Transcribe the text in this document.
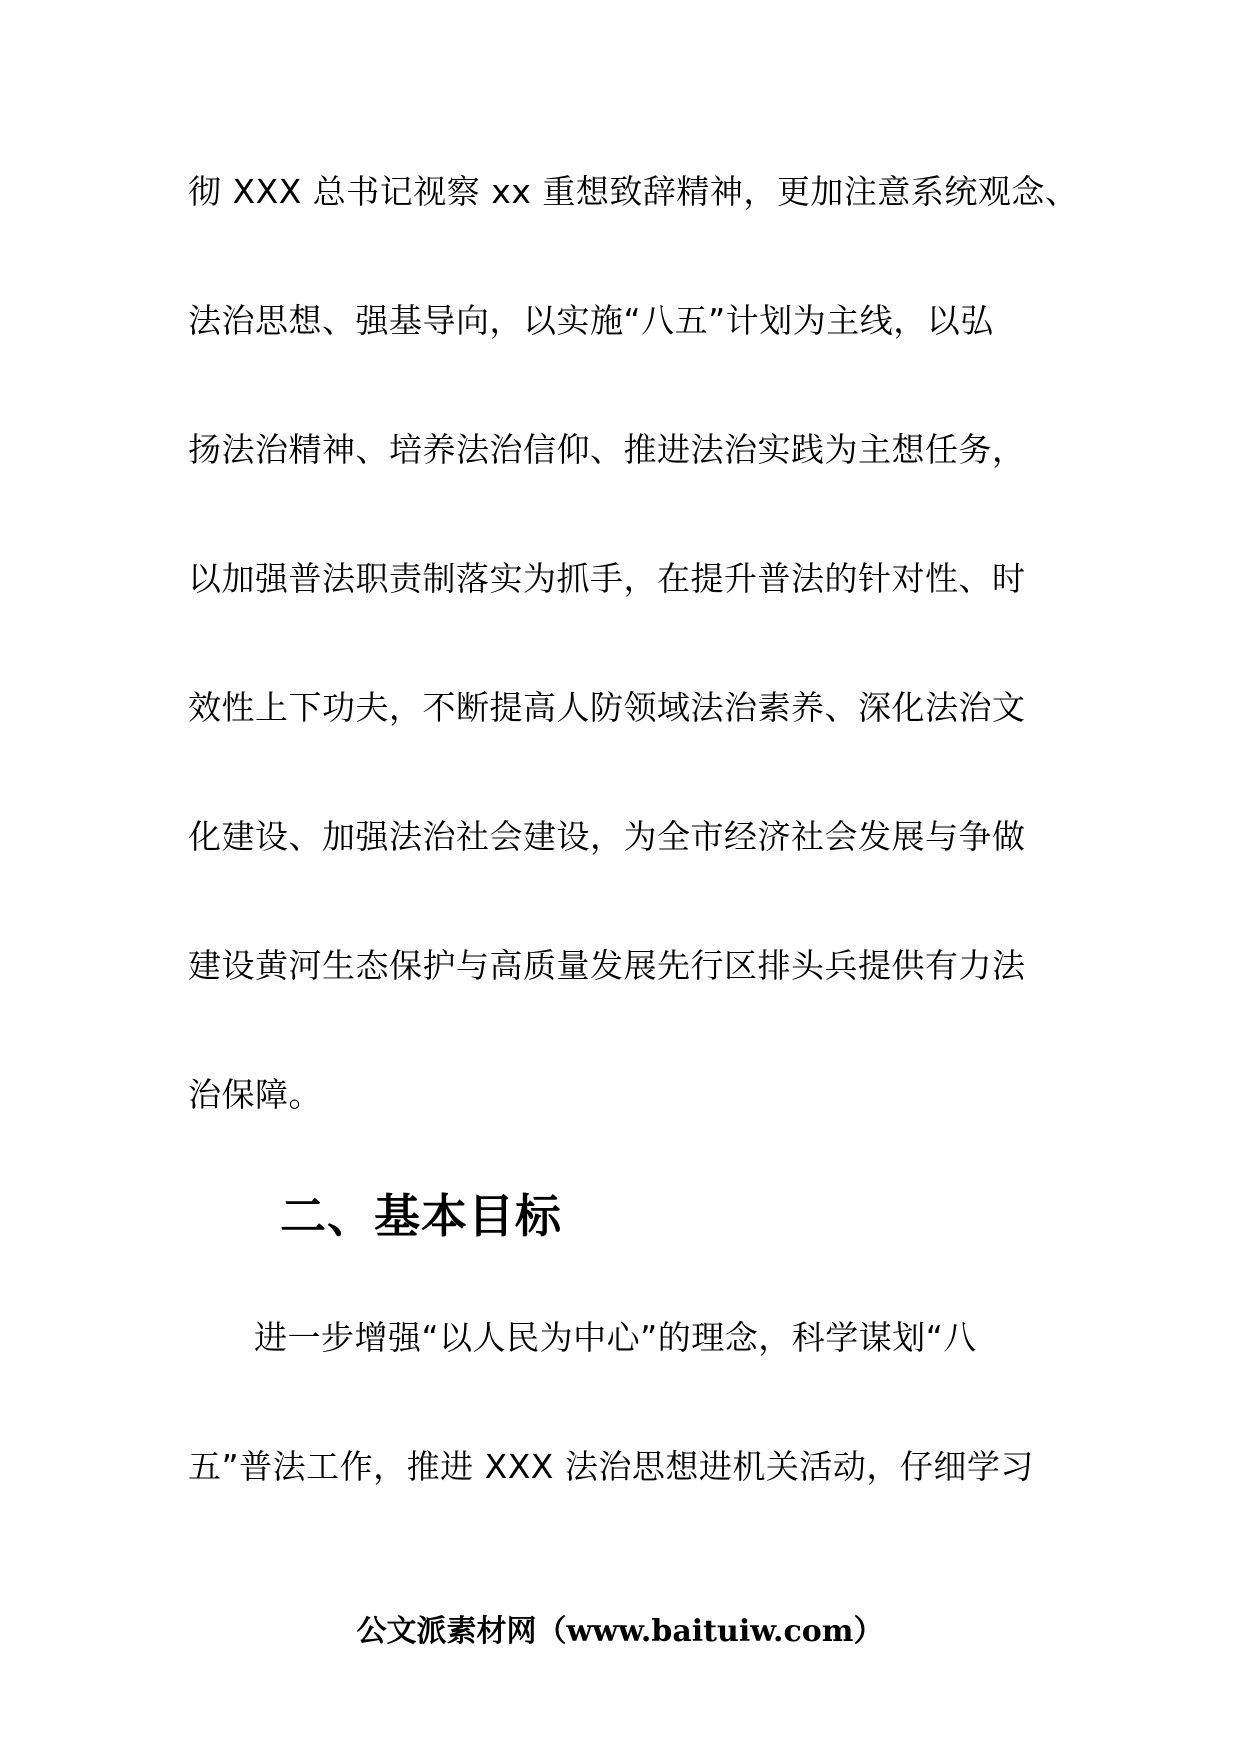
彻 XXX 总书记视察 xx 重想致辞精神，更加注意系统观念、
法治思想、强基导向，以实施“八五”计划为主线，以弘
扬法治精神、培养法治信仰、推进法治实践为主想任务，
以加强普法职责制落实为抓手，在提升普法的针对性、时
效性上下功夫，不断提高人防领域法治素养、深化法治文
化建设、加强法治社会建设，为全市经济社会发展与争做
建设黄河生态保护与高质量发展先行区排头兵提供有力法
治保障。
二、基本目标
进一步增强“以人民为中心”的理念，科学谋划“八
五”普法工作，推进 XXX 法治思想进机关活动，仔细学习
公文派素材网（www.baituiw.com）
